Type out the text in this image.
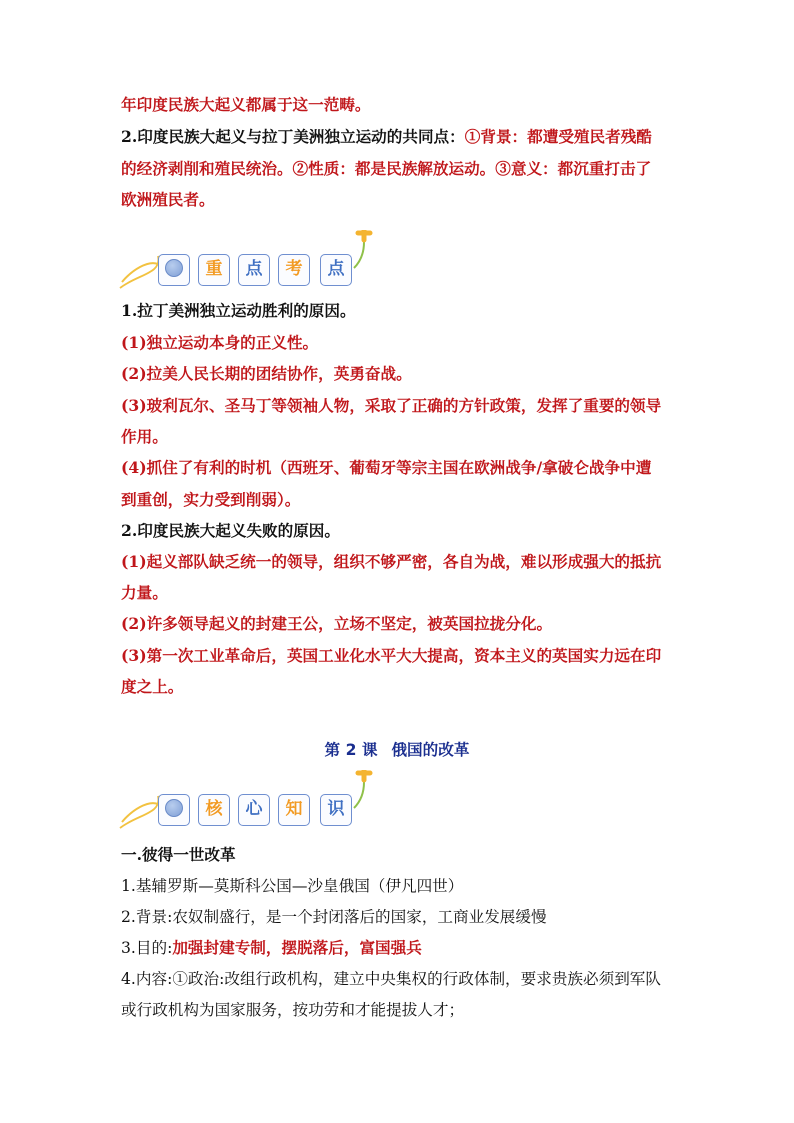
年印度民族大起义都属于这一范畴。
2.印度民族大起义与拉丁美洲独立运动的共同点：①背景：都遭受殖民者残酷
的经济剥削和殖民统治。②性质：都是民族解放运动。③意义：都沉重打击了
欧洲殖民者。
重	点	考	点
1.拉丁美洲独立运动胜利的原因。
(1)独立运动本身的正义性。
(2)拉美人民长期的团结协作，英勇奋战。
(3)玻利瓦尔、圣马丁等领袖人物，采取了正确的方针政策，发挥了重要的领导
作用。
(4)抓住了有利的时机（西班牙、葡萄牙等宗主国在欧洲战争/拿破仑战争中遭
到重创，实力受到削弱）。
2.印度民族大起义失败的原因。
(1)起义部队缺乏统一的领导，组织不够严密，各自为战，难以形成强大的抵抗
力量。
(2)许多领导起义的封建王公，立场不坚定，被英国拉拢分化。
(3)第一次工业革命后，英国工业化水平大大提高，资本主义的英国实力远在印
度之上。
第 2 课 俄国的改革
核	心	知	识
一.彼得一世改革
1.基辅罗斯—莫斯科公国—沙皇俄国（伊凡四世）
2.背景:农奴制盛行，是一个封闭落后的国家，工商业发展缓慢
3.目的:加强封建专制，摆脱落后，富国强兵
4.内容:①政治:改组行政机构，建立中央集权的行政体制，要求贵族必须到军队
或行政机构为国家服务，按功劳和才能提拔人才；
